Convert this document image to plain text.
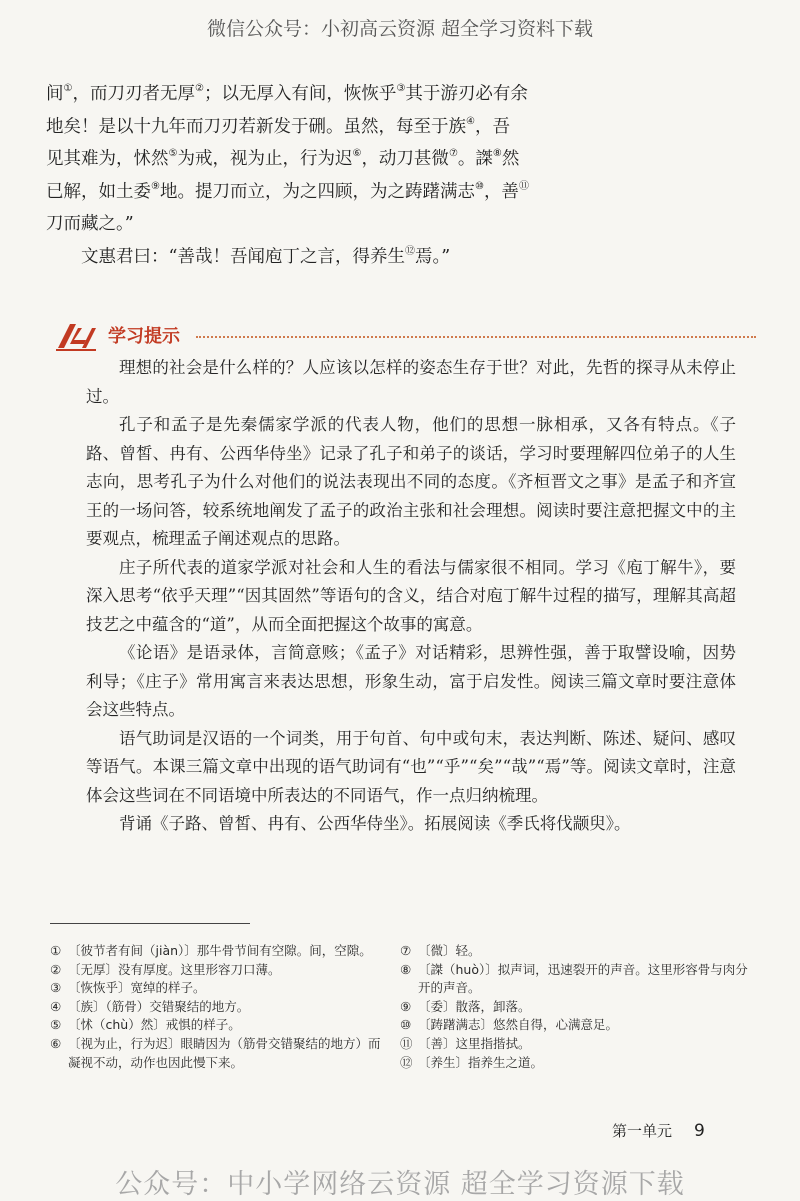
微信公众号：小初高云资源 超全学习资料下载

间①，而刀刃者无厚②；以无厚入有间，恢恢乎③其于游刃必有余

地矣！是以十九年而刀刃若新发于硎。虽然，每至于族④，吾

见其难为，怵然⑤为戒，视为止，行为迟⑥，动刀甚微⑦。謋⑧然

已解，如土委⑨地。提刀而立，为之四顾，为之踌躇满志⑩，善⑪

刀而藏之。”

文惠君曰：“善哉！吾闻庖丁之言，得养生⑫焉。”

学习提示

理想的社会是什么样的？人应该以怎样的姿态生存于世？对此，先哲的探寻从未停止过。

孔子和孟子是先秦儒家学派的代表人物，他们的思想一脉相承，又各有特点。《子路、曾皙、冉有、公西华侍坐》记录了孔子和弟子的谈话，学习时要理解四位弟子的人生志向，思考孔子为什么对他们的说法表现出不同的态度。《齐桓晋文之事》是孟子和齐宣王的一场问答，较系统地阐发了孟子的政治主张和社会理想。阅读时要注意把握文中的主要观点，梳理孟子阐述观点的思路。

庄子所代表的道家学派对社会和人生的看法与儒家很不相同。学习《庖丁解牛》，要深入思考“依乎天理”“因其固然”等语句的含义，结合对庖丁解牛过程的描写，理解其高超技艺之中蕴含的“道”，从而全面把握这个故事的寓意。

《论语》是语录体，言简意赅；《孟子》对话精彩，思辨性强，善于取譬设喻，因势利导；《庄子》常用寓言来表达思想，形象生动，富于启发性。阅读三篇文章时要注意体会这些特点。

语气助词是汉语的一个词类，用于句首、句中或句末，表达判断、陈述、疑问、感叹等语气。本课三篇文章中出现的语气助词有“也”“乎”“矣”“哉”“焉”等。阅读文章时，注意体会这些词在不同语境中所表达的不同语气，作一点归纳梳理。

背诵《子路、曾皙、冉有、公西华侍坐》。拓展阅读《季氏将伐颛臾》。

① 〔彼节者有间（jiàn）〕那牛骨节间有空隙。间，空隙。
② 〔无厚〕没有厚度。这里形容刀口薄。
③ 〔恢恢乎〕宽绰的样子。
④ 〔族〕（筋骨）交错聚结的地方。
⑤ 〔怵（chù）然〕戒惧的样子。
⑥ 〔视为止，行为迟〕眼睛因为（筋骨交错聚结的地方）而凝视不动，动作也因此慢下来。
⑦ 〔微〕轻。
⑧ 〔謋（huò）〕拟声词，迅速裂开的声音。这里形容骨与肉分开的声音。
⑨ 〔委〕散落，卸落。
⑩ 〔踌躇满志〕悠然自得，心满意足。
⑪ 〔善〕这里指揩拭。
⑫ 〔养生〕指养生之道。
第一单元 9
公众号：中小学网络云资源 超全学习资源下载
